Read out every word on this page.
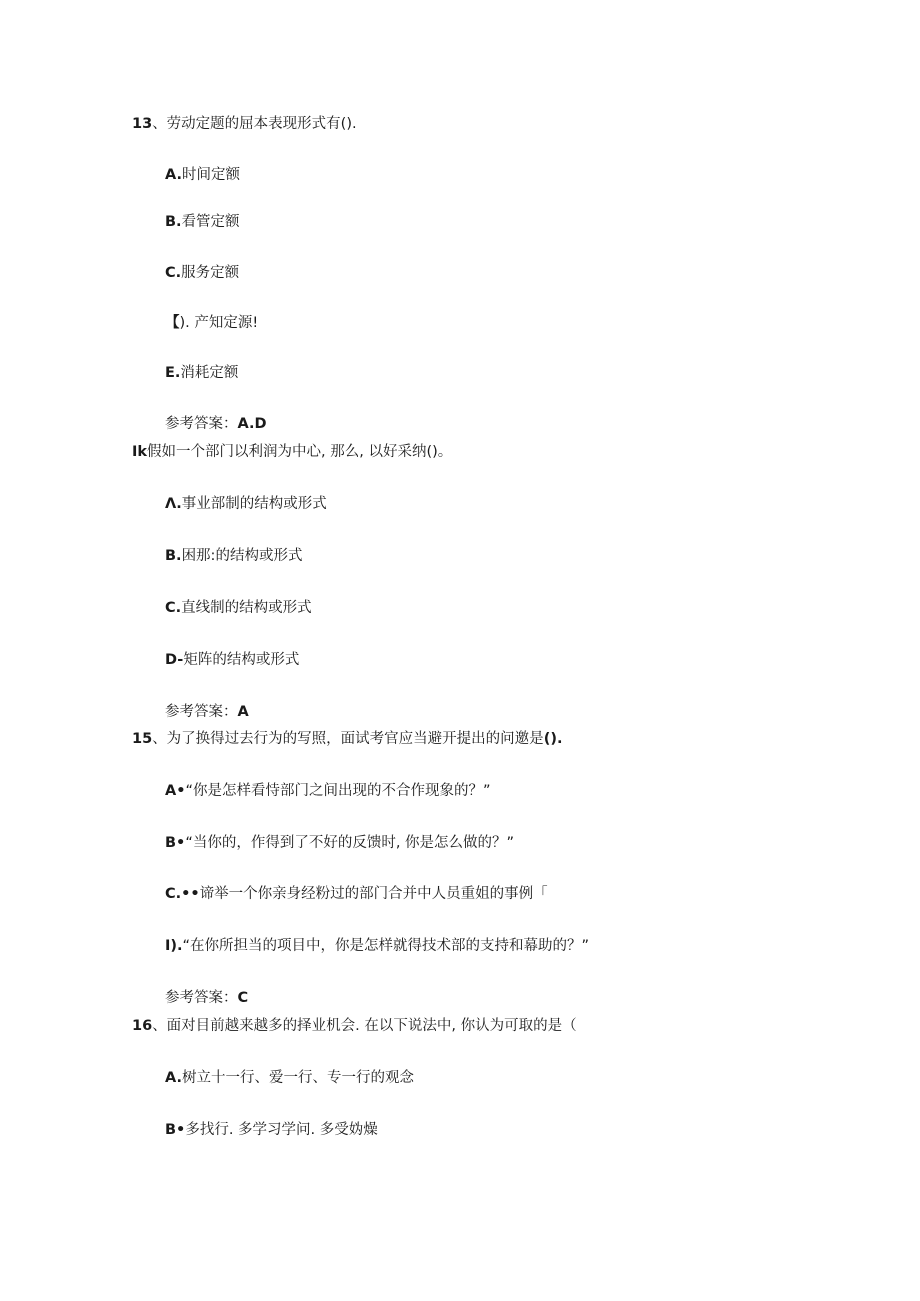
13、劳动定题的屈本表现形式有().
A.时间定额
B.看管定额
C.服务定额
【). 产知定源!
E.消耗定额
参考答案：A.D
Ik假如一个部门以利润为中心, 那么, 以好采纳()。
Λ.事业部制的结构或形式
B.困那:的结构或形式
C.直线制的结构或形式
D-矩阵的结构或形式
参考答案：A
15、为了换得过去行为的写照，面试考官应当避开提出的问邀是().
A•“你是怎样看恃部门之间出现的不合作现象的？”
B•“当你的，作得到了不好的反馈时, 你是怎么做的？”
C.••谛举一个你亲身经粉过的部门合并中人员重姐的事例「
I).“在你所担当的项目中，你是怎样就得技术部的支持和幕助的？”
参考答案：C
16、面对目前越来越多的择业机会. 在以下说法中, 你认为可取的是（
A.树立十一行、爱一行、专一行的观念
B•多找行. 多学习学问. 多受妫燥
